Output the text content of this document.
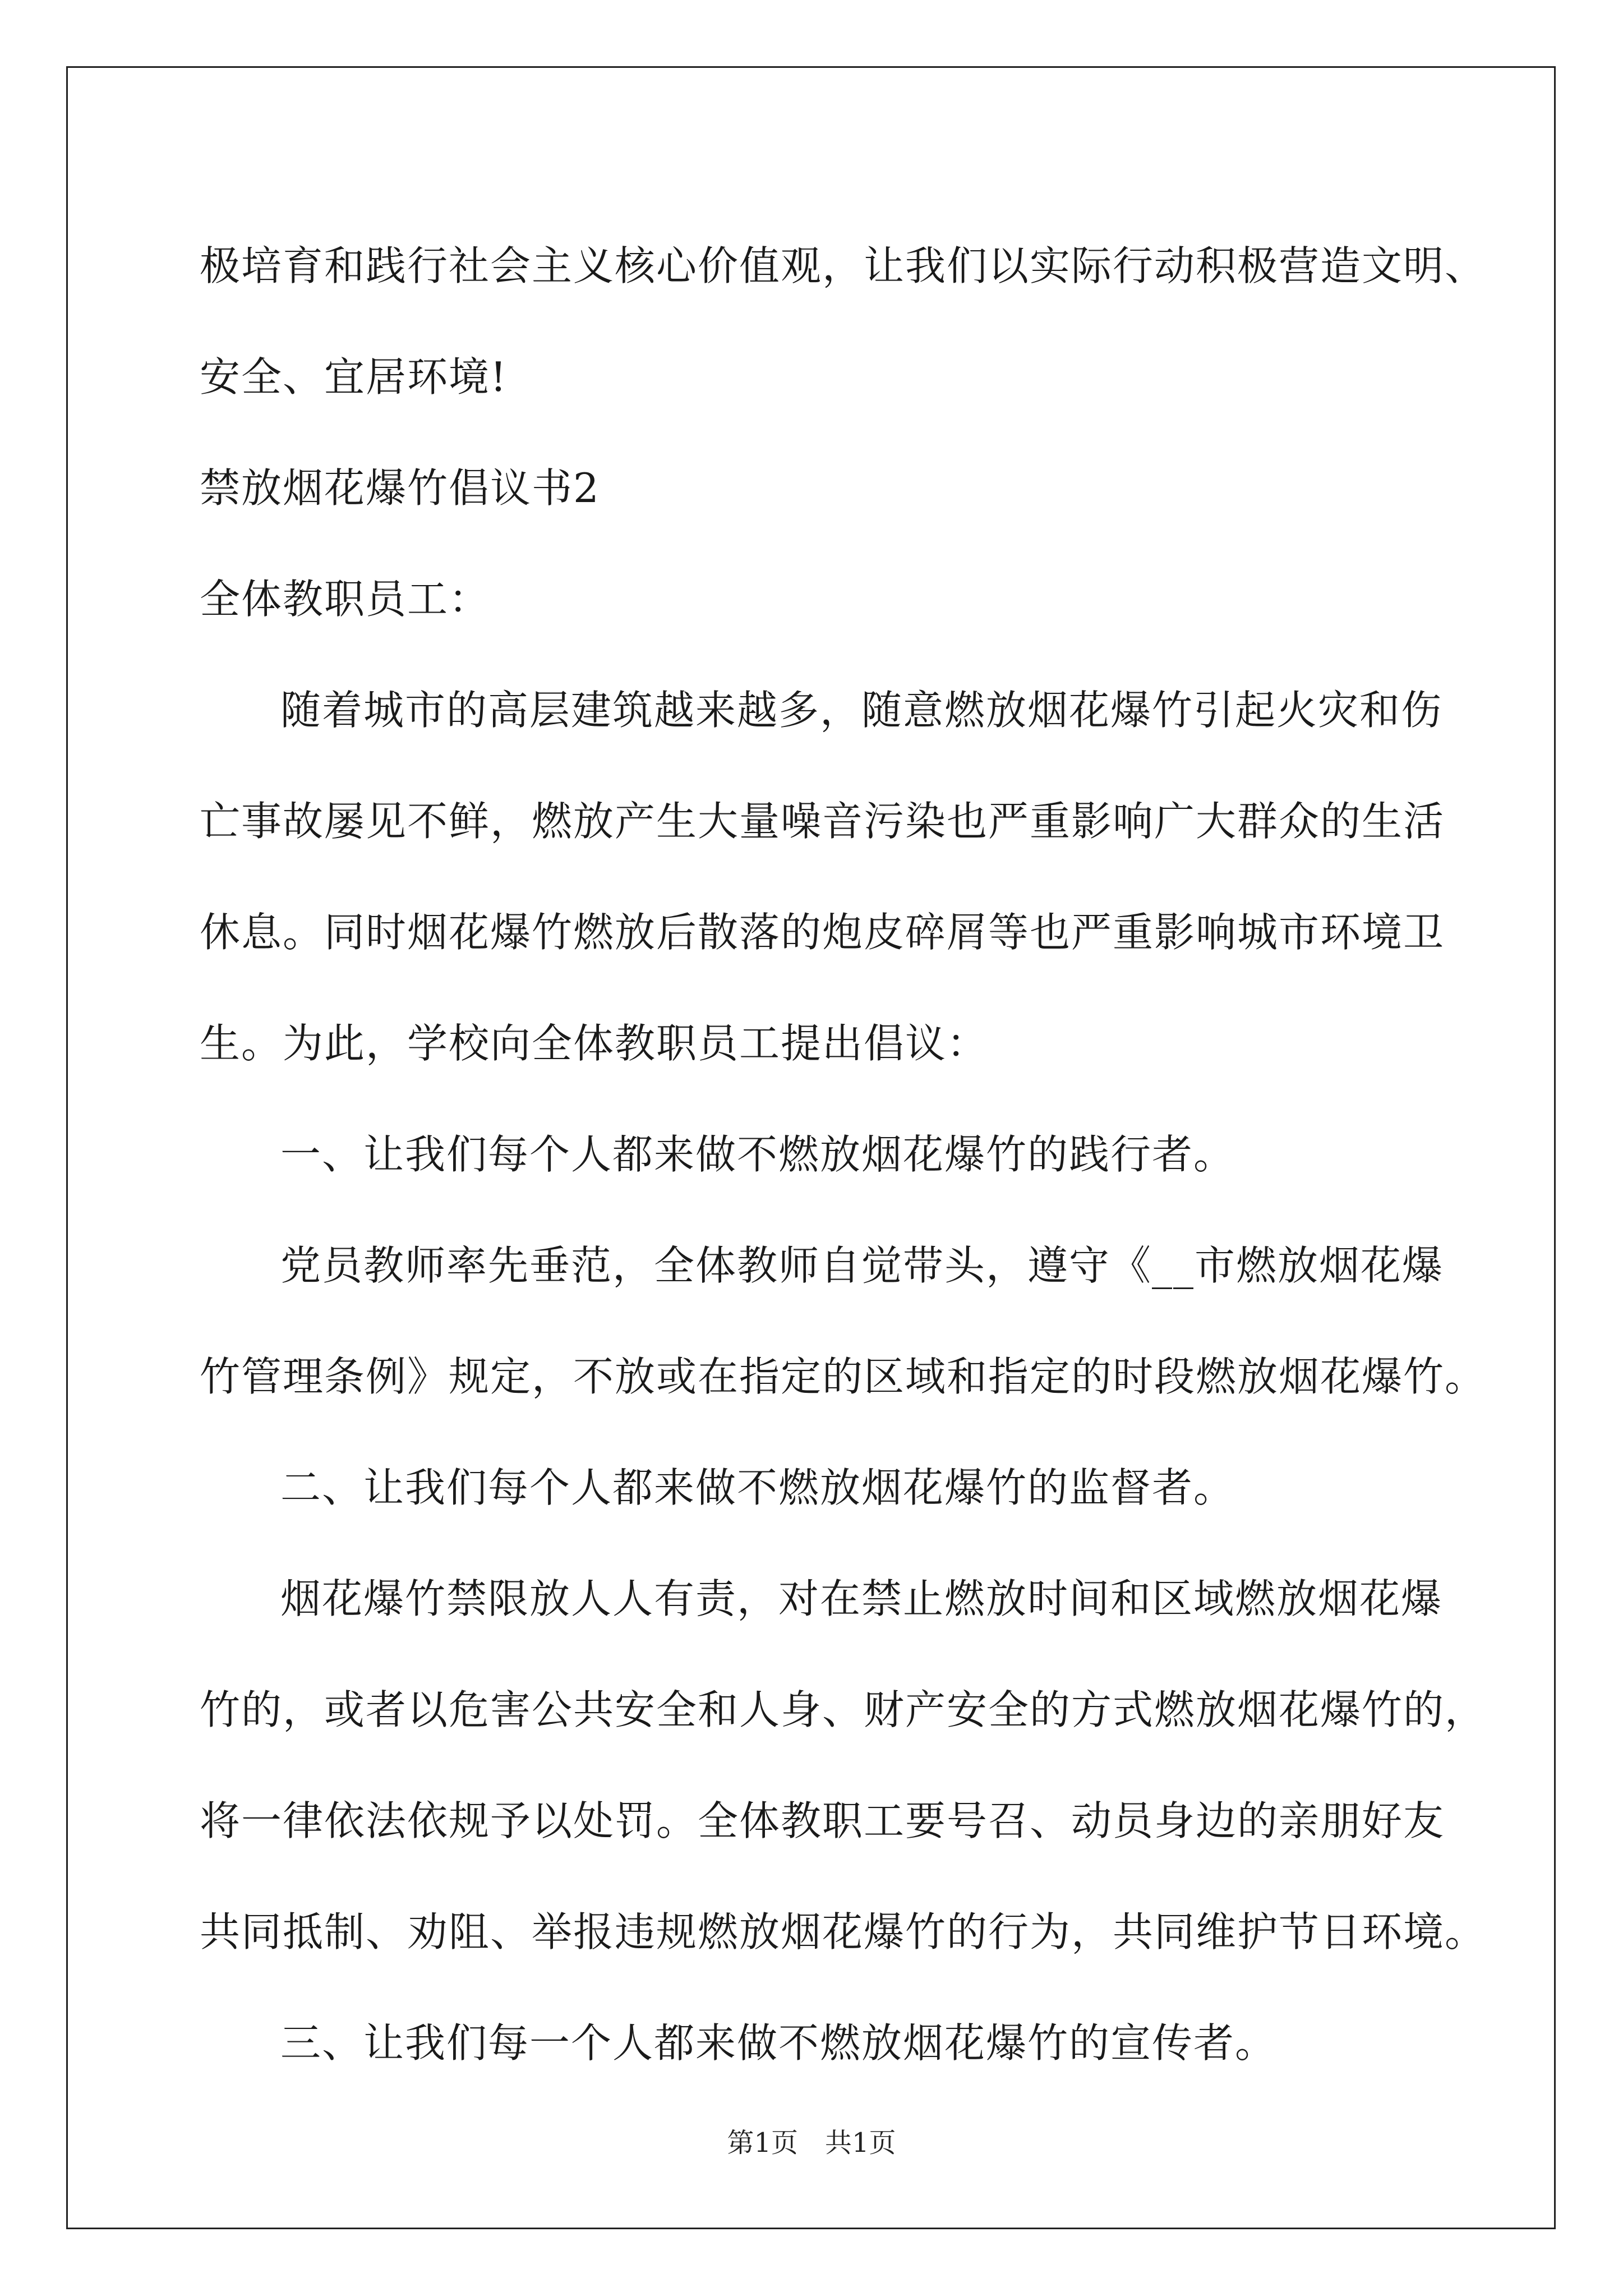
极培育和践行社会主义核心价值观，让我们以实际行动积极营造文明、

安全、宜居环境!

禁放烟花爆竹倡议书2

全体教职员工：

随着城市的高层建筑越来越多，随意燃放烟花爆竹引起火灾和伤

亡事故屡见不鲜，燃放产生大量噪音污染也严重影响广大群众的生活

休息。同时烟花爆竹燃放后散落的炮皮碎屑等也严重影响城市环境卫

生。为此，学校向全体教职员工提出倡议：

一、让我们每个人都来做不燃放烟花爆竹的践行者。

党员教师率先垂范，全体教师自觉带头，遵守《__市燃放烟花爆

竹管理条例》规定，不放或在指定的区域和指定的时段燃放烟花爆竹。

二、让我们每个人都来做不燃放烟花爆竹的监督者。

烟花爆竹禁限放人人有责，对在禁止燃放时间和区域燃放烟花爆

竹的，或者以危害公共安全和人身、财产安全的方式燃放烟花爆竹的，

将一律依法依规予以处罚。全体教职工要号召、动员身边的亲朋好友

共同抵制、劝阻、举报违规燃放烟花爆竹的行为，共同维护节日环境。

三、让我们每一个人都来做不燃放烟花爆竹的宣传者。

第1页　共1页
